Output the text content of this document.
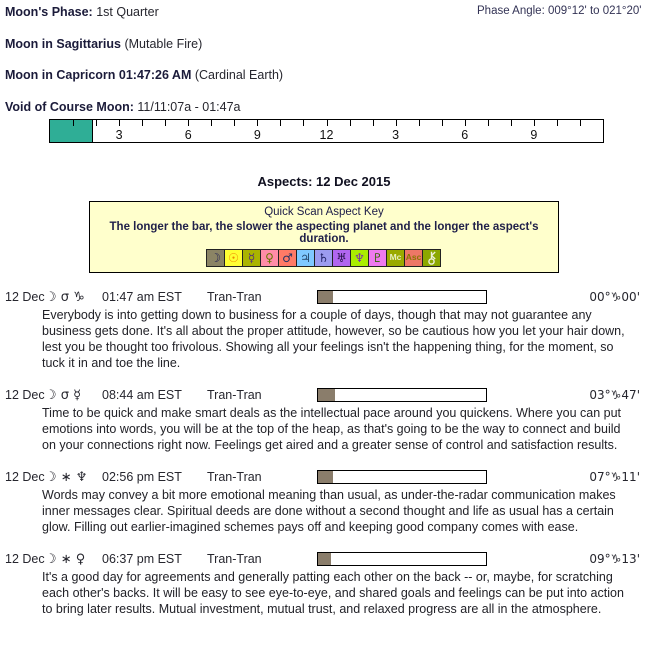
Moon's Phase: 1st Quarter
Moon in Sagittarius (Mutable Fire)
Moon in Capricorn 01:47:26 AM (Cardinal Earth)
Void of Course Moon: 11/11:07a - 01:47a
Phase Angle: 009°12' to 021°20'
3	6	9	12	3	6	9
Aspects: 12 Dec 2015
Quick Scan Aspect Key
The longer the bar, the slower the aspecting planet and the longer the aspect's duration.
☽ ☉ ☿ ♀ ♂ ♃ ♄ ♅ ♆ ♇ Mc Asc
12 Dec ☽ σ ♑	01:47 am EST	Tran-Tran	00°♑00'
Everybody is into getting down to business for a couple of days, though that may not guarantee any business gets done. It's all about the proper attitude, however, so be cautious how you let your hair down, lest you be thought too frivolous. Showing all your feelings isn't the happening thing, for the moment, so tuck it in and toe the line.
12 Dec ☽ σ ☿	08:44 am EST	Tran-Tran	03°♑47'
Time to be quick and make smart deals as the intellectual pace around you quickens. Where you can put emotions into words, you will be at the top of the heap, as that's going to be the way to connect and build on your connections right now. Feelings get aired and a greater sense of control and satisfaction results.
12 Dec ☽ ∗ ♆	02:56 pm EST	Tran-Tran	07°♑11'
Words may convey a bit more emotional meaning than usual, as under-the-radar communication makes inner messages clear. Spiritual deeds are done without a second thought and life as usual has a certain glow. Filling out earlier-imagined schemes pays off and keeping good company comes with ease.
12 Dec ☽ ∗ ♀	06:37 pm EST	Tran-Tran	09°♑13'
It's a good day for agreements and generally patting each other on the back -- or, maybe, for scratching each other's backs. It will be easy to see eye-to-eye, and shared goals and feelings can be put into action to bring later results. Mutual investment, mutual trust, and relaxed progress are all in the atmosphere.
